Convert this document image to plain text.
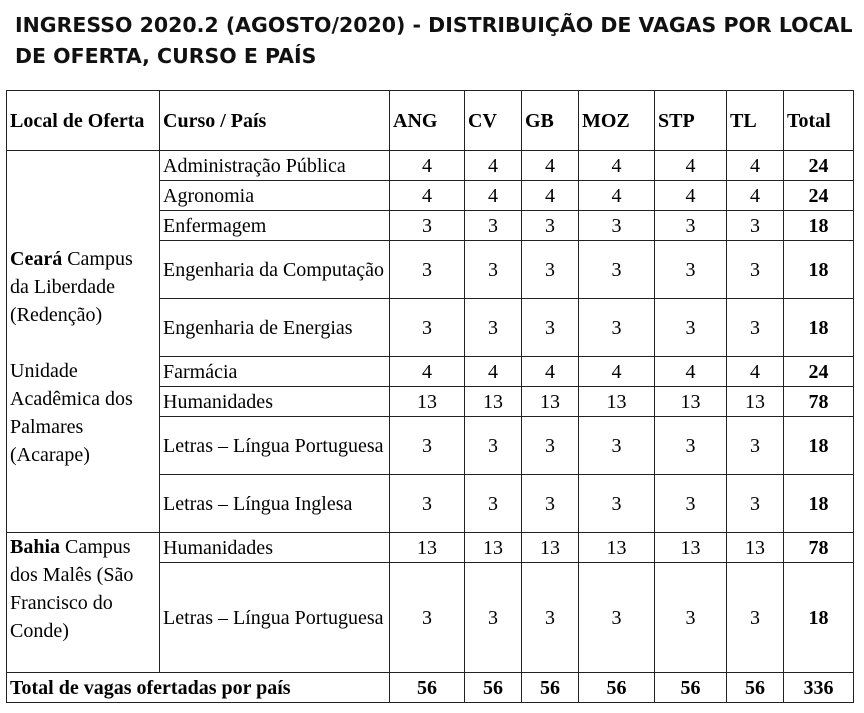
INGRESSO 2020.2 (AGOSTO/2020) - DISTRIBUIÇÃO DE VAGAS POR LOCAL DE OFERTA, CURSO E PAÍS
Local de Oferta	Curso / País	ANG	CV	GB	MOZ	STP	TL	Total

Ceará Campus da Liberdade (Redenção)
Unidade Acadêmica dos Palmares (Acarape)	Administração Pública	4	4	4	4	4	4	24
	Agronomia	4	4	4	4	4	4	24
	Enfermagem	3	3	3	3	3	3	18
	Engenharia da Computação	3	3	3	3	3	3	18
	Engenharia de Energias	3	3	3	3	3	3	18
	Farmácia	4	4	4	4	4	4	24
	Humanidades	13	13	13	13	13	13	78
	Letras – Língua Portuguesa	3	3	3	3	3	3	18
	Letras – Língua Inglesa	3	3	3	3	3	3	18
Bahia Campus dos Malês (São Francisco do Conde)	Humanidades	13	13	13	13	13	13	78
	Letras – Língua Portuguesa	3	3	3	3	3	3	18
Total de vagas ofertadas por país		56	56	56	56	56	56	336
